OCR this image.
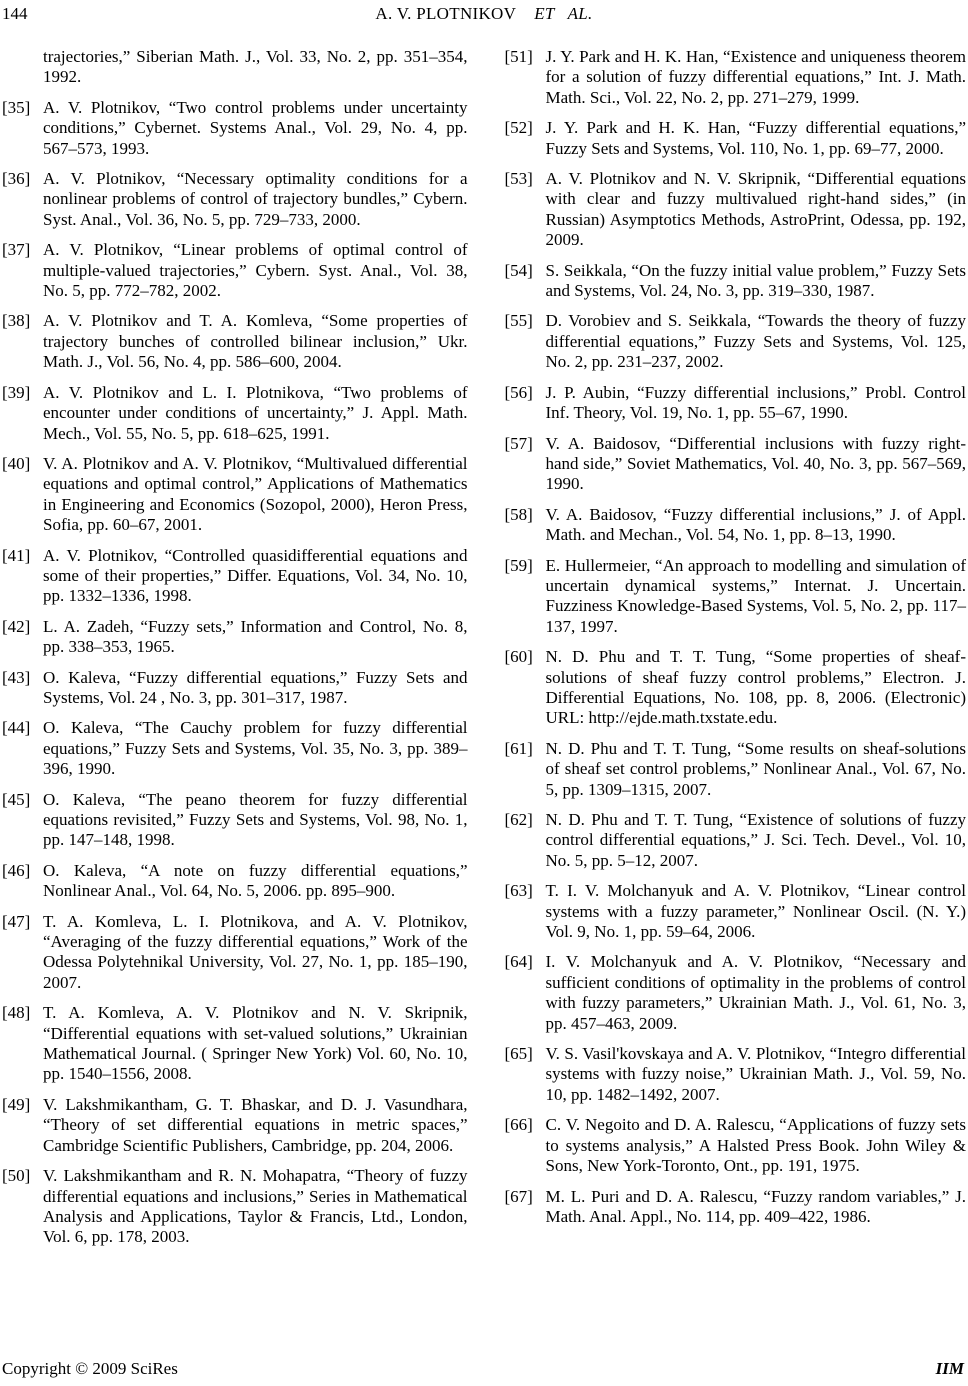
144	A. V. PLOTNIKOV ET AL.
trajectories,” Siberian Math. J., Vol. 33, No. 2, pp. 351–354, 1992.
[35] A. V. Plotnikov, “Two control problems under uncertainty conditions,” Cybernet. Systems Anal., Vol. 29, No. 4, pp. 567–573, 1993.
[36] A. V. Plotnikov, “Necessary optimality conditions for a nonlinear problems of control of trajectory bundles,” Cybern. Syst. Anal., Vol. 36, No. 5, pp. 729–733, 2000.
[37] A. V. Plotnikov, “Linear problems of optimal control of multiple-valued trajectories,” Cybern. Syst. Anal., Vol. 38, No. 5, pp. 772–782, 2002.
[38] A. V. Plotnikov and T. A. Komleva, “Some properties of trajectory bunches of controlled bilinear inclusion,” Ukr. Math. J., Vol. 56, No. 4, pp. 586–600, 2004.
[39] A. V. Plotnikov and L. I. Plotnikova, “Two problems of encounter under conditions of uncertainty,” J. Appl. Math. Mech., Vol. 55, No. 5, pp. 618–625, 1991.
[40] V. A. Plotnikov and A. V. Plotnikov, “Multivalued differential equations and optimal control,” Applications of Mathematics in Engineering and Economics (Sozopol, 2000), Heron Press, Sofia, pp. 60–67, 2001.
[41] A. V. Plotnikov, “Controlled quasidifferential equations and some of their properties,” Differ. Equations, Vol. 34, No. 10, pp. 1332–1336, 1998.
[42] L. A. Zadeh, “Fuzzy sets,” Information and Control, No. 8, pp. 338–353, 1965.
[43] O. Kaleva, “Fuzzy differential equations,” Fuzzy Sets and Systems, Vol. 24 , No. 3, pp. 301–317, 1987.
[44] O. Kaleva, “The Cauchy problem for fuzzy differential equations,” Fuzzy Sets and Systems, Vol. 35, No. 3, pp. 389–396, 1990.
[45] O. Kaleva, “The peano theorem for fuzzy differential equations revisited,” Fuzzy Sets and Systems, Vol. 98, No. 1, pp. 147–148, 1998.
[46] O. Kaleva, “A note on fuzzy differential equations,” Nonlinear Anal., Vol. 64, No. 5, 2006. pp. 895–900.
[47] T. A. Komleva, L. I. Plotnikova, and A. V. Plotnikov, “Averaging of the fuzzy differential equations,” Work of the Odessa Polytehnikal University, Vol. 27, No. 1, pp. 185–190, 2007.
[48] T. A. Komleva, A. V. Plotnikov and N. V. Skripnik, “Differential equations with set-valued solutions,” Ukrainian Mathematical Journal. ( Springer New York) Vol. 60, No. 10, pp. 1540–1556, 2008.
[49] V. Lakshmikantham, G. T. Bhaskar, and D. J. Vasundhara, “Theory of set differential equations in metric spaces,” Cambridge Scientific Publishers, Cambridge, pp. 204, 2006.
[50] V. Lakshmikantham and R. N. Mohapatra, “Theory of fuzzy differential equations and inclusions,” Series in Mathematical Analysis and Applications, Taylor & Francis, Ltd., London, Vol. 6, pp. 178, 2003.
[51] J. Y. Park and H. K. Han, “Existence and uniqueness theorem for a solution of fuzzy differential equations,” Int. J. Math. Math. Sci., Vol. 22, No. 2, pp. 271–279, 1999.
[52] J. Y. Park and H. K. Han, “Fuzzy differential equations,” Fuzzy Sets and Systems, Vol. 110, No. 1, pp. 69–77, 2000.
[53] A. V. Plotnikov and N. V. Skripnik, “Differential equations with clear and fuzzy multivalued right-hand sides,” (in Russian) Asymptotics Methods, AstroPrint, Odessa, pp. 192, 2009.
[54] S. Seikkala, “On the fuzzy initial value problem,” Fuzzy Sets and Systems, Vol. 24, No. 3, pp. 319–330, 1987.
[55] D. Vorobiev and S. Seikkala, “Towards the theory of fuzzy differential equations,” Fuzzy Sets and Systems, Vol. 125, No. 2, pp. 231–237, 2002.
[56] J. P. Aubin, “Fuzzy differential inclusions,” Probl. Control Inf. Theory, Vol. 19, No. 1, pp. 55–67, 1990.
[57] V. A. Baidosov, “Differential inclusions with fuzzy right-hand side,” Soviet Mathematics, Vol. 40, No. 3, pp. 567–569, 1990.
[58] V. A. Baidosov, “Fuzzy differential inclusions,” J. of Appl. Math. and Mechan., Vol. 54, No. 1, pp. 8–13, 1990.
[59] E. Hullermeier, “An approach to modelling and simulation of uncertain dynamical systems,” Internat. J. Uncertain. Fuzziness Knowledge-Based Systems, Vol. 5, No. 2, pp. 117–137, 1997.
[60] N. D. Phu and T. T. Tung, “Some properties of sheaf-solutions of sheaf fuzzy control problems,” Electron. J. Differential Equations, No. 108, pp. 8, 2006. (Electronic) URL: http://ejde.math.txstate.edu.
[61] N. D. Phu and T. T. Tung, “Some results on sheaf-solutions of sheaf set control problems,” Nonlinear Anal., Vol. 67, No. 5, pp. 1309–1315, 2007.
[62] N. D. Phu and T. T. Tung, “Existence of solutions of fuzzy control differential equations,” J. Sci. Tech. Devel., Vol. 10, No. 5, pp. 5–12, 2007.
[63] T. I. V. Molchanyuk and A. V. Plotnikov, “Linear control systems with a fuzzy parameter,” Nonlinear Oscil. (N. Y.) Vol. 9, No. 1, pp. 59–64, 2006.
[64] I. V. Molchanyuk and A. V. Plotnikov, “Necessary and sufficient conditions of optimality in the problems of control with fuzzy parameters,” Ukrainian Math. J., Vol. 61, No. 3, pp. 457–463, 2009.
[65] V. S. Vasil'kovskaya and A. V. Plotnikov, “Integro differential systems with fuzzy noise,” Ukrainian Math. J., Vol. 59, No. 10, pp. 1482–1492, 2007.
[66] C. V. Negoito and D. A. Ralescu, “Applications of fuzzy sets to systems analysis,” A Halsted Press Book. John Wiley & Sons, New York-Toronto, Ont., pp. 191, 1975.
[67] M. L. Puri and D. A. Ralescu, “Fuzzy random variables,” J. Math. Anal. Appl., No. 114, pp. 409–422, 1986.
Copyright © 2009 SciRes	IIM
